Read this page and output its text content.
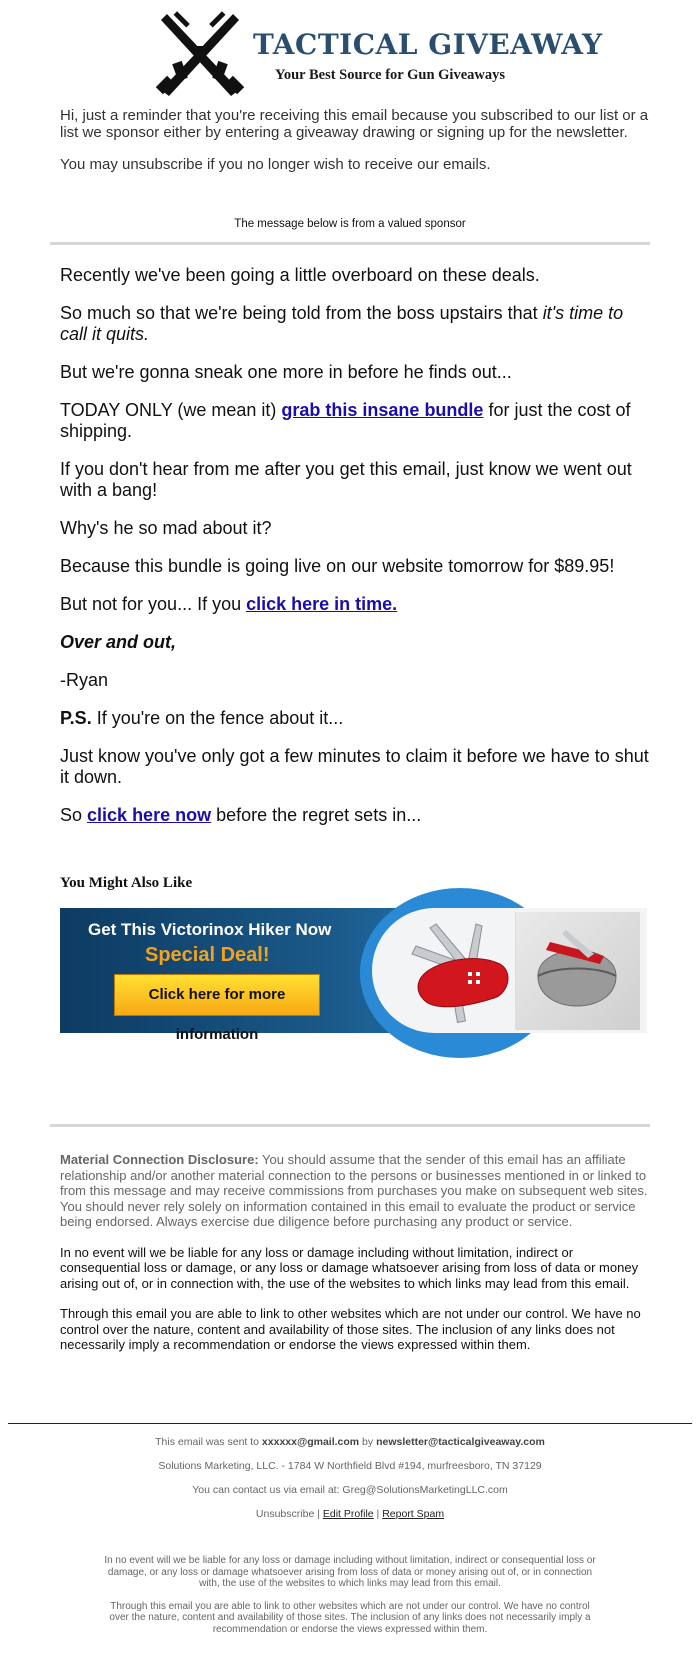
TACTICAL GIVEAWAY
Your Best Source for Gun Giveaways

Hi, just a reminder that you're receiving this email because you subscribed to our list or a list we sponsor either by entering a giveaway drawing or signing up for the newsletter.

You may unsubscribe if you no longer wish to receive our emails.

The message below is from a valued sponsor

Recently we've been going a little overboard on these deals.

So much so that we're being told from the boss upstairs that it's time to call it quits.

But we're gonna sneak one more in before he finds out...

TODAY ONLY (we mean it) grab this insane bundle for just the cost of shipping.

If you don't hear from me after you get this email, just know we went out with a bang!

Why's he so mad about it?

Because this bundle is going live on our website tomorrow for $89.95!

But not for you... If you click here in time.

Over and out,

-Ryan

P.S. If you're on the fence about it...

Just know you've only got a few minutes to claim it before we have to shut it down.

So click here now before the regret sets in...

You Might Also Like
Get This Victorinox Hiker Now
Special Deal!
Click here for more information

Material Connection Disclosure: You should assume that the sender of this email has an affiliate relationship and/or another material connection to the persons or businesses mentioned in or linked to from this message and may receive commissions from purchases you make on subsequent web sites. You should never rely solely on information contained in this email to evaluate the product or service being endorsed. Always exercise due diligence before purchasing any product or service.

In no event will we be liable for any loss or damage including without limitation, indirect or consequential loss or damage, or any loss or damage whatsoever arising from loss of data or money arising out of, or in connection with, the use of the websites to which links may lead from this email.

Through this email you are able to link to other websites which are not under our control. We have no control over the nature, content and availability of those sites. The inclusion of any links does not necessarily imply a recommendation or endorse the views expressed within them.

This email was sent to xxxxxx@gmail.com by newsletter@tacticalgiveaway.com
Solutions Marketing, LLC. - 1784 W Northfield Blvd #194, murfreesboro, TN 37129
You can contact us via email at: Greg@SolutionsMarketingLLC.com
Unsubscribe | Edit Profile | Report Spam

In no event will we be liable for any loss or damage including without limitation, indirect or consequential loss or damage, or any loss or damage whatsoever arising from loss of data or money arising out of, or in connection with, the use of the websites to which links may lead from this email.

Through this email you are able to link to other websites which are not under our control. We have no control over the nature, content and availability of those sites. The inclusion of any links does not necessarily imply a recommendation or endorse the views expressed within them.
